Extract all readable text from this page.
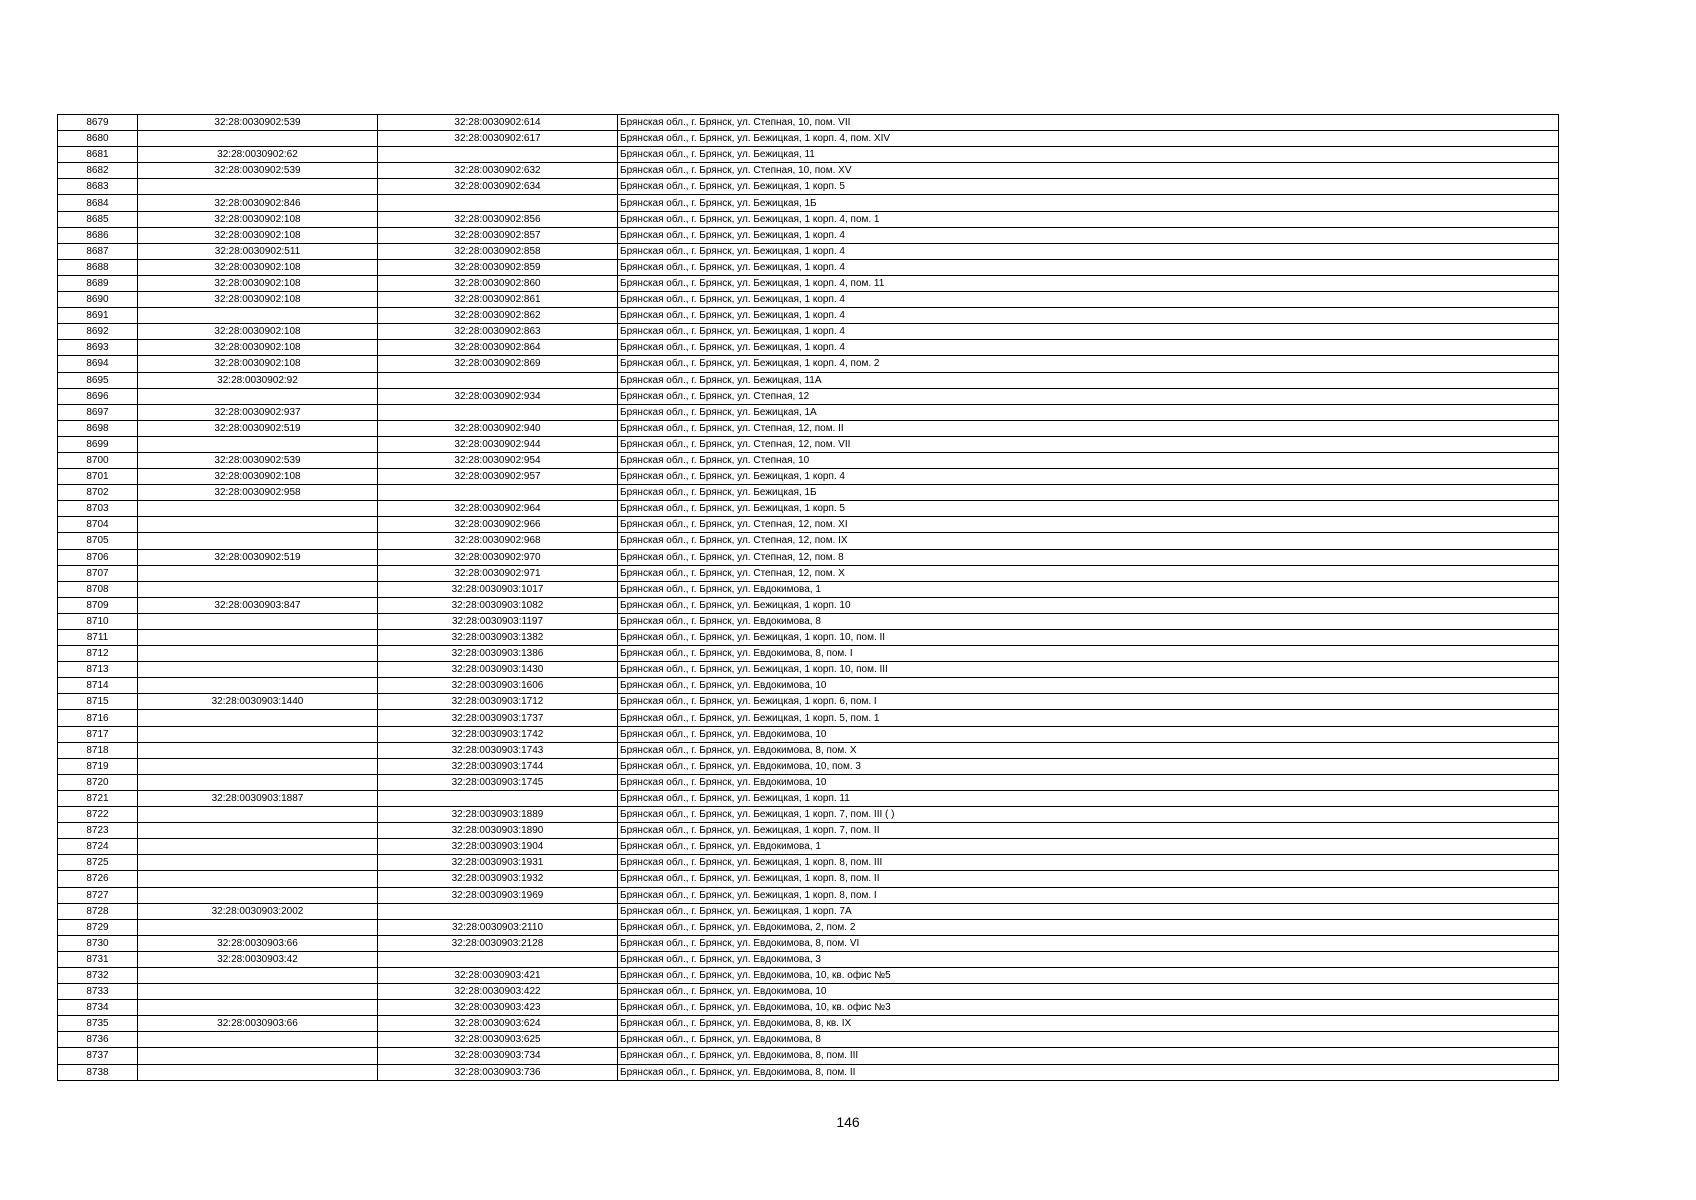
8679	32:28:0030902:539	32:28:0030902:614	Брянская обл., г. Брянск, ул. Степная, 10, пом. VII
8680		32:28:0030902:617	Брянская обл., г. Брянск, ул. Бежицкая, 1 корп. 4, пом. XIV
8681	32:28:0030902:62		Брянская обл., г. Брянск, ул. Бежицкая, 11
8682	32:28:0030902:539	32:28:0030902:632	Брянская обл., г. Брянск, ул. Степная, 10, пом. XV
8683		32:28:0030902:634	Брянская обл., г. Брянск, ул. Бежицкая, 1 корп. 5
8684	32:28:0030902:846		Брянская обл., г. Брянск, ул. Бежицкая, 1Б
8685	32:28:0030902:108	32:28:0030902:856	Брянская обл., г. Брянск, ул. Бежицкая, 1 корп. 4, пом. 1
8686	32:28:0030902:108	32:28:0030902:857	Брянская обл., г. Брянск, ул. Бежицкая, 1 корп. 4
8687	32:28:0030902:511	32:28:0030902:858	Брянская обл., г. Брянск, ул. Бежицкая, 1 корп. 4
8688	32:28:0030902:108	32:28:0030902:859	Брянская обл., г. Брянск, ул. Бежицкая, 1 корп. 4
8689	32:28:0030902:108	32:28:0030902:860	Брянская обл., г. Брянск, ул. Бежицкая, 1 корп. 4, пом. 11
8690	32:28:0030902:108	32:28:0030902:861	Брянская обл., г. Брянск, ул. Бежицкая, 1 корп. 4
8691		32:28:0030902:862	Брянская обл., г. Брянск, ул. Бежицкая, 1 корп. 4
8692	32:28:0030902:108	32:28:0030902:863	Брянская обл., г. Брянск, ул. Бежицкая, 1 корп. 4
8693	32:28:0030902:108	32:28:0030902:864	Брянская обл., г. Брянск, ул. Бежицкая, 1 корп. 4
8694	32:28:0030902:108	32:28:0030902:869	Брянская обл., г. Брянск, ул. Бежицкая, 1 корп. 4, пом. 2
8695	32:28:0030902:92		Брянская обл., г. Брянск, ул. Бежицкая, 11А
8696		32:28:0030902:934	Брянская обл., г. Брянск, ул. Степная, 12
8697	32:28:0030902:937		Брянская обл., г. Брянск, ул. Бежицкая, 1А
8698	32:28:0030902:519	32:28:0030902:940	Брянская обл., г. Брянск, ул. Степная, 12, пом. II
8699		32:28:0030902:944	Брянская обл., г. Брянск, ул. Степная, 12, пом. VII
8700	32:28:0030902:539	32:28:0030902:954	Брянская обл., г. Брянск, ул. Степная, 10
8701	32:28:0030902:108	32:28:0030902:957	Брянская обл., г. Брянск, ул. Бежицкая, 1 корп. 4
8702	32:28:0030902:958		Брянская обл., г. Брянск, ул. Бежицкая, 1Б
8703		32:28:0030902:964	Брянская обл., г. Брянск, ул. Бежицкая, 1 корп. 5
8704		32:28:0030902:966	Брянская обл., г. Брянск, ул. Степная, 12, пом. XI
8705		32:28:0030902:968	Брянская обл., г. Брянск, ул. Степная, 12, пом. IX
8706	32:28:0030902:519	32:28:0030902:970	Брянская обл., г. Брянск, ул. Степная, 12, пом. 8
8707		32:28:0030902:971	Брянская обл., г. Брянск, ул. Степная, 12, пом. X
8708		32:28:0030903:1017	Брянская обл., г. Брянск, ул. Евдокимова, 1
8709	32:28:0030903:847	32:28:0030903:1082	Брянская обл., г. Брянск, ул. Бежицкая, 1 корп. 10
8710		32:28:0030903:1197	Брянская обл., г. Брянск, ул. Евдокимова, 8
8711		32:28:0030903:1382	Брянская обл., г. Брянск, ул. Бежицкая, 1 корп. 10, пом. II
8712		32:28:0030903:1386	Брянская обл., г. Брянск, ул. Евдокимова, 8, пом. I
8713		32:28:0030903:1430	Брянская обл., г. Брянск, ул. Бежицкая, 1 корп. 10, пом. III
8714		32:28:0030903:1606	Брянская обл., г. Брянск, ул. Евдокимова, 10
8715	32:28:0030903:1440	32:28:0030903:1712	Брянская обл., г. Брянск, ул. Бежицкая, 1 корп. 6, пом. I
8716		32:28:0030903:1737	Брянская обл., г. Брянск, ул. Бежицкая, 1 корп. 5, пом. 1
8717		32:28:0030903:1742	Брянская обл., г. Брянск, ул. Евдокимова, 10
8718		32:28:0030903:1743	Брянская обл., г. Брянск, ул. Евдокимова, 8, пом. X
8719		32:28:0030903:1744	Брянская обл., г. Брянск, ул. Евдокимова, 10, пом. 3
8720		32:28:0030903:1745	Брянская обл., г. Брянск, ул. Евдокимова, 10
8721	32:28:0030903:1887		Брянская обл., г. Брянск, ул. Бежицкая, 1 корп. 11
8722		32:28:0030903:1889	Брянская обл., г. Брянск, ул. Бежицкая, 1 корп. 7, пом. III ( )
8723		32:28:0030903:1890	Брянская обл., г. Брянск, ул. Бежицкая, 1 корп. 7, пом. II
8724		32:28:0030903:1904	Брянская обл., г. Брянск, ул. Евдокимова, 1
8725		32:28:0030903:1931	Брянская обл., г. Брянск, ул. Бежицкая, 1 корп. 8, пом. III
8726		32:28:0030903:1932	Брянская обл., г. Брянск, ул. Бежицкая, 1 корп. 8, пом. II
8727		32:28:0030903:1969	Брянская обл., г. Брянск, ул. Бежицкая, 1 корп. 8, пом. I
8728	32:28:0030903:2002		Брянская обл., г. Брянск, ул. Бежицкая, 1 корп. 7А
8729		32:28:0030903:2110	Брянская обл., г. Брянск, ул. Евдокимова, 2, пом. 2
8730	32:28:0030903:66	32:28:0030903:2128	Брянская обл., г. Брянск, ул. Евдокимова, 8, пом. VI
8731	32:28:0030903:42		Брянская обл., г. Брянск, ул. Евдокимова, 3
8732		32:28:0030903:421	Брянская обл., г. Брянск, ул. Евдокимова, 10, кв. офис №5
8733		32:28:0030903:422	Брянская обл., г. Брянск, ул. Евдокимова, 10
8734		32:28:0030903:423	Брянская обл., г. Брянск, ул. Евдокимова, 10, кв. офис №3
8735	32:28:0030903:66	32:28:0030903:624	Брянская обл., г. Брянск, ул. Евдокимова, 8, кв. IX
8736		32:28:0030903:625	Брянская обл., г. Брянск, ул. Евдокимова, 8
8737		32:28:0030903:734	Брянская обл., г. Брянск, ул. Евдокимова, 8, пом. III
8738		32:28:0030903:736	Брянская обл., г. Брянск, ул. Евдокимова, 8, пом. II
146
